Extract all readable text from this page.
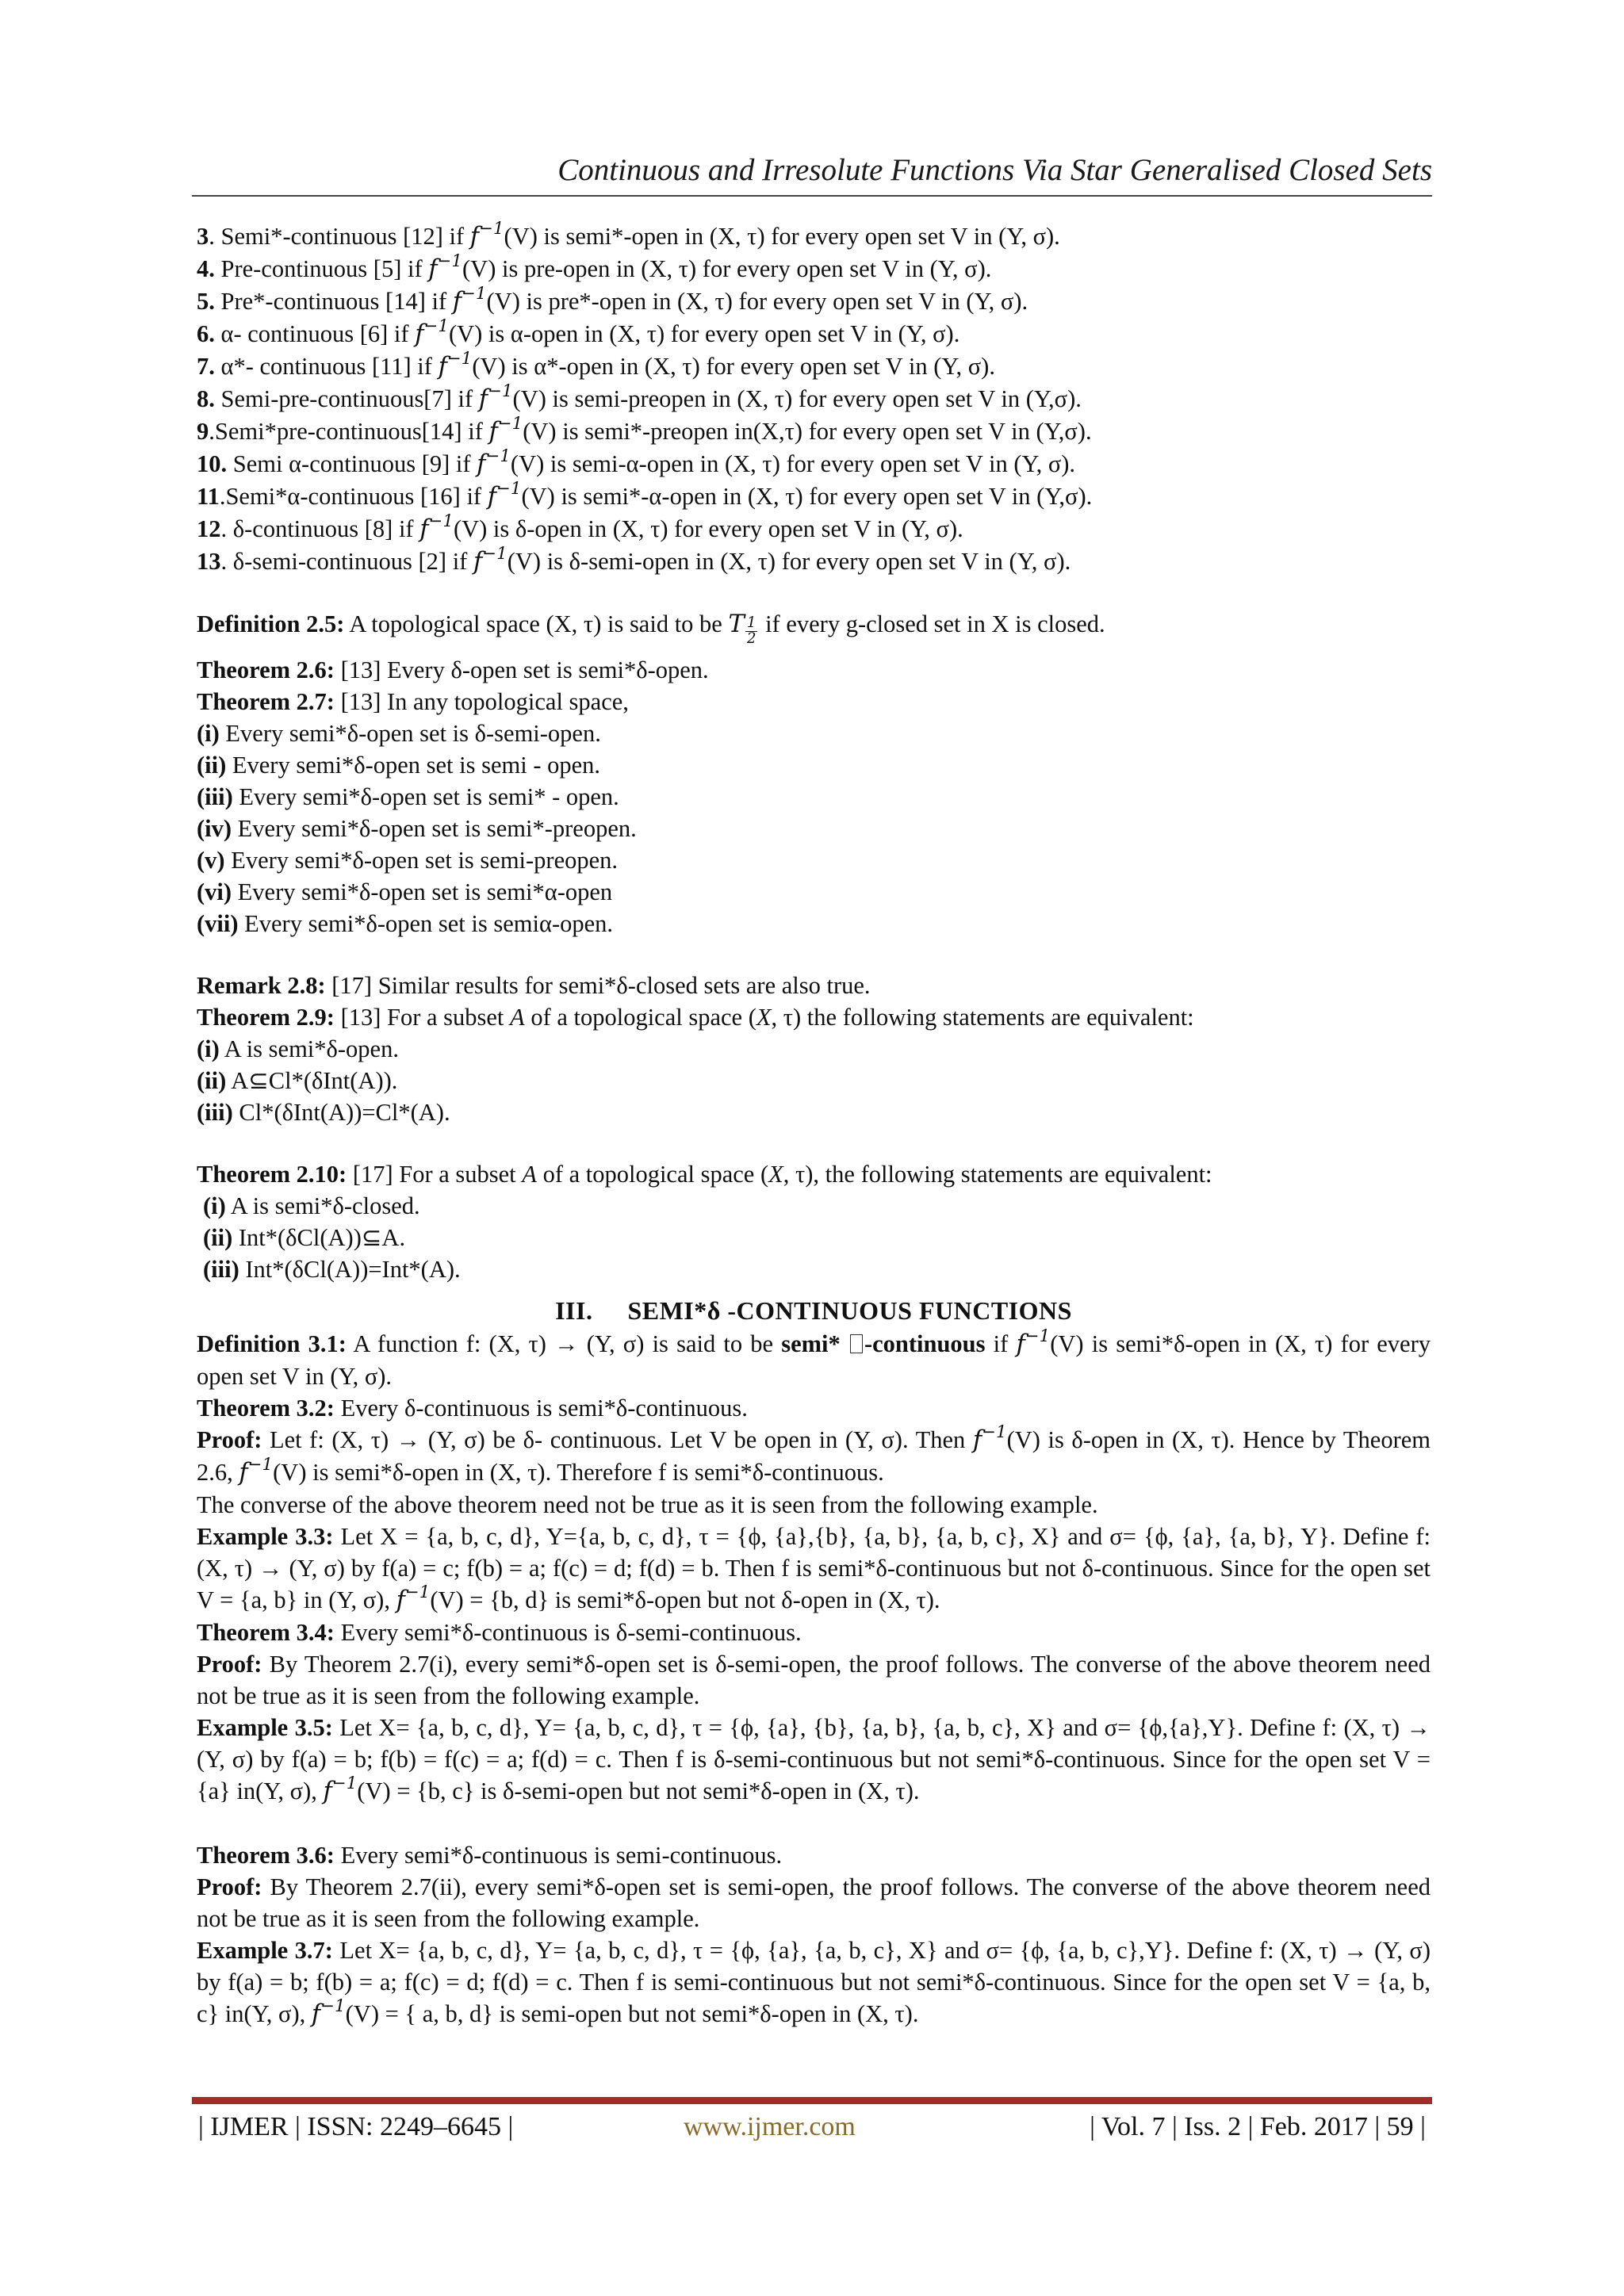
Continuous and Irresolute Functions Via Star Generalised Closed Sets
3. Semi*-continuous [12] if $f^{-1}(V)$ is semi*-open in (X, τ) for every open set V in (Y, σ).
4. Pre-continuous [5] if $f^{-1}(V)$ is pre-open in (X, τ) for every open set V in (Y, σ).
5. Pre*-continuous [14] if $f^{-1}(V)$ is pre*-open in (X, τ) for every open set V in (Y, σ).
6. α- continuous [6] if $f^{-1}(V)$ is α-open in (X, τ) for every open set V in (Y, σ).
7. α*- continuous [11] if $f^{-1}(V)$ is α*-open in (X, τ) for every open set V in (Y, σ).
8. Semi-pre-continuous[7] if $f^{-1}(V)$ is semi-preopen in (X, τ) for every open set V in (Y,σ).
9.Semi*pre-continuous[14] if $f^{-1}(V)$ is semi*-preopen in(X,τ) for every open set V in (Y,σ).
10. Semi α-continuous [9] if $f^{-1}(V)$ is semi-α-open in (X, τ) for every open set V in (Y, σ).
11.Semi*α-continuous [16] if $f^{-1}(V)$ is semi*-α-open in (X, τ) for every open set V in (Y,σ).
12. δ-continuous [8] if $f^{-1}(V)$ is δ-open in (X, τ) for every open set V in (Y, σ).
13. δ-semi-continuous [2] if $f^{-1}(V)$ is δ-semi-open in (X, τ) for every open set V in (Y, σ).
Definition 2.5: A topological space (X, τ) is said to be T $\frac{1}{2}$ if every g-closed set in X is closed.
Theorem 2.6: [13] Every δ-open set is semi*δ-open.
Theorem 2.7: [13] In any topological space,
(i) Every semi*δ-open set is δ-semi-open.
(ii) Every semi*δ-open set is semi - open.
(iii) Every semi*δ-open set is semi* - open.
(iv) Every semi*δ-open set is semi*-preopen.
(v) Every semi*δ-open set is semi-preopen.
(vi) Every semi*δ-open set is semi*α-open
(vii) Every semi*δ-open set is semiα-open.
Remark 2.8: [17] Similar results for semi*δ-closed sets are also true.
Theorem 2.9: [13] For a subset A of a topological space (X, τ) the following statements are equivalent:
(i) A is semi*δ-open.
(ii) A⊆Cl*(δInt(A)).
(iii) Cl*(δInt(A))=Cl*(A).
Theorem 2.10: [17] For a subset A of a topological space (X, τ), the following statements are equivalent:
(i) A is semi*δ-closed.
(ii) Int*(δCl(A))⊆A.
(iii) Int*(δCl(A))=Int*(A).
III. SEMI*δ -CONTINUOUS FUNCTIONS
Definition 3.1: A function f: (X, τ) → (Y, σ) is said to be semi* -continuous if $f^{-1}(V)$ is semi*δ-open in (X, τ) for every open set V in (Y, σ).
Theorem 3.2: Every δ-continuous is semi*δ-continuous.
Proof: Let f: (X, τ) → (Y, σ) be δ- continuous. Let V be open in (Y, σ). Then $f^{-1}(V)$ is δ-open in (X, τ). Hence by Theorem 2.6, $f^{-1}(V)$ is semi*δ-open in (X, τ). Therefore f is semi*δ-continuous.
The converse of the above theorem need not be true as it is seen from the following example.
Example 3.3: Let X = {a, b, c, d}, Y={a, b, c, d}, τ = {ϕ, {a},{b}, {a, b}, {a, b, c}, X} and σ= {ϕ, {a}, {a, b}, Y}. Define f: (X, τ) → (Y, σ) by f(a) = c; f(b) = a; f(c) = d; f(d) = b. Then f is semi*δ-continuous but not δ-continuous. Since for the open set V = {a, b} in (Y, σ), $f^{-1}(V) = \{b$, d} is semi*δ-open but not δ-open in (X, τ).
Theorem 3.4: Every semi*δ-continuous is δ-semi-continuous.
Proof: By Theorem 2.7(i), every semi*δ-open set is δ-semi-open, the proof follows. The converse of the above theorem need not be true as it is seen from the following example.
Example 3.5: Let X= {a, b, c, d}, Y= {a, b, c, d}, τ = {ϕ, {a}, {b}, {a, b}, {a, b, c}, X} and σ= {ϕ,{a},Y}. Define f: (X, τ) → (Y, σ) by f(a) = b; f(b) = f(c) = a; f(d) = c. Then f is δ-semi-continuous but not semi*δ-continuous. Since for the open set V = {a} in(Y, σ), $f^{-1}(V) = \{b$, c} is δ-semi-open but not semi*δ-open in (X, τ).
Theorem 3.6: Every semi*δ-continuous is semi-continuous.
Proof: By Theorem 2.7(ii), every semi*δ-open set is semi-open, the proof follows. The converse of the above theorem need not be true as it is seen from the following example.
Example 3.7: Let X= {a, b, c, d}, Y= {a, b, c, d}, τ = {ϕ, {a}, {a, b, c}, X} and σ= {ϕ, {a, b, c},Y}. Define f: (X, τ) → (Y, σ) by f(a) = b; f(b) = a; f(c) = d; f(d) = c. Then f is semi-continuous but not semi*δ-continuous. Since for the open set V = {a, b, c} in(Y, σ), $f^{-1}(V)$ = { a, b, d} is semi-open but not semi*δ-open in (X, τ).
| IJMER | ISSN: 2249–6645 |	www.ijmer.com	| Vol. 7 | Iss. 2 | Feb. 2017 | 59 |
